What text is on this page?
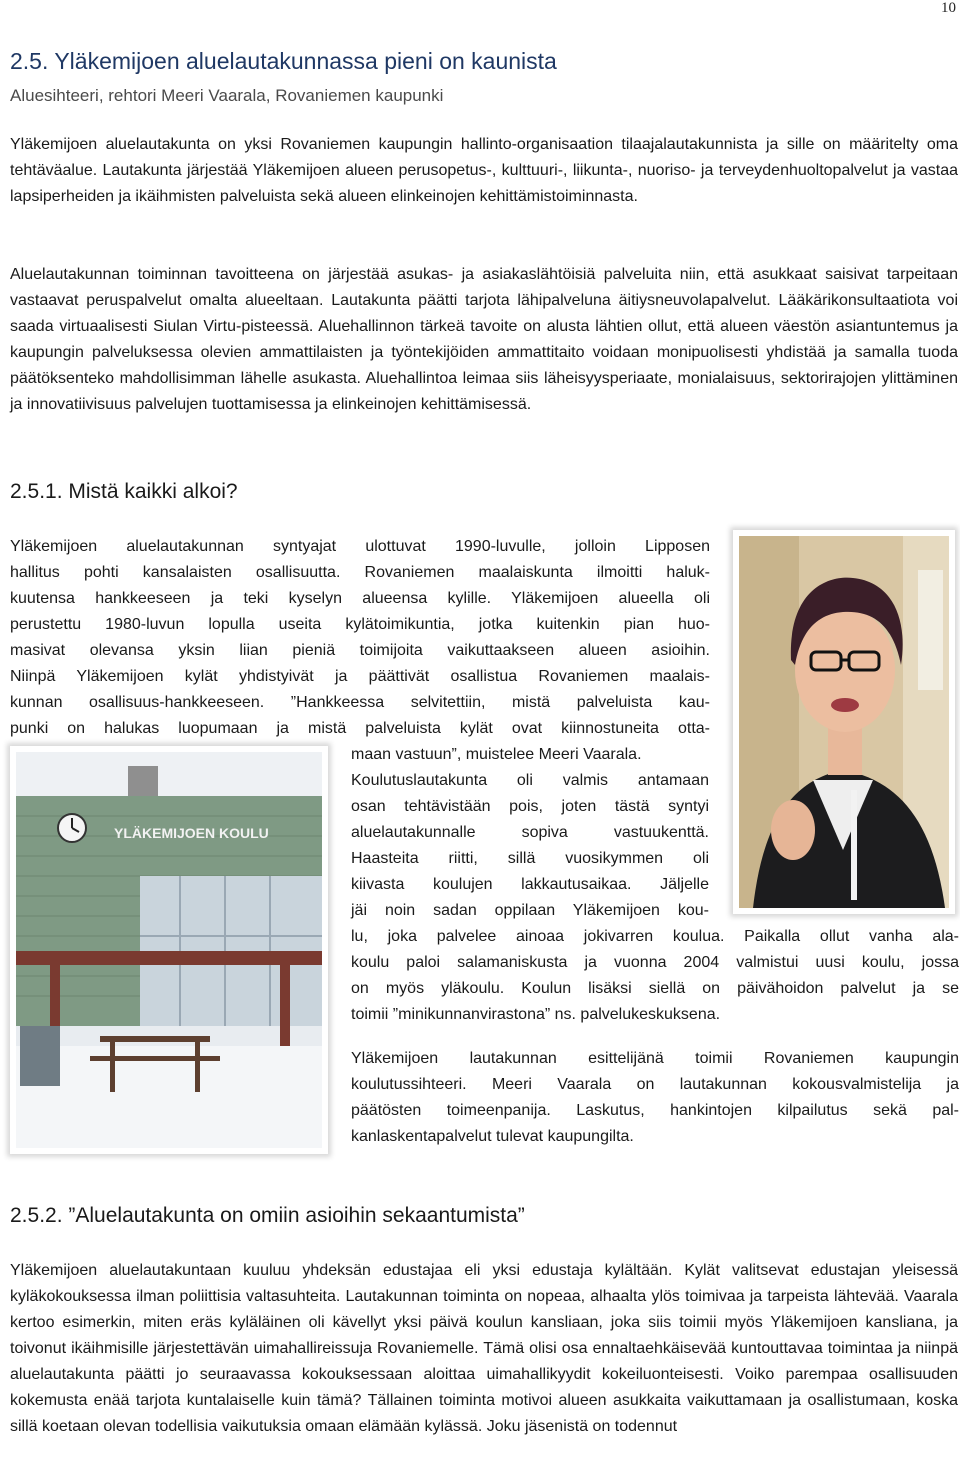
10
2.5. Yläkemijoen aluelautakunnassa pieni on kaunista
Aluesihteeri, rehtori Meeri Vaarala, Rovaniemen kaupunki

Yläkemijoen aluelautakunta on yksi Rovaniemen kaupungin hallinto-organisaation tilaajalautakunnista ja sille on määritelty oma tehtäväalue. Lautakunta järjestää Yläkemijoen alueen perusopetus-, kulttuuri-, liikunta-, nuoriso- ja terveydenhuoltopalvelut ja vastaa lapsiperheiden ja ikäihmisten palveluista sekä alueen elinkeinojen kehittämistoiminnasta.

Aluelautakunnan toiminnan tavoitteena on järjestää asukas- ja asiakaslähtöisiä palveluita niin, että asukkaat saisivat tarpeitaan vastaavat peruspalvelut omalta alueeltaan. Lautakunta päätti tarjota lähipalveluna äitiysneuvolapalvelut. Lääkärikonsultaatiota voi saada virtuaalisesti Siulan Virtu-pisteessä. Aluehallinnon tärkeä tavoite on alusta lähtien ollut, että alueen väestön asiantuntemus ja kaupungin palveluksessa olevien ammattilaisten ja työntekijöiden ammattitaito voidaan monipuolisesti yhdistää ja samalla tuoda päätöksenteko mahdollisimman lähelle asukasta. Aluehallintoa leimaa siis läheisyysperiaate, monialaisuus, sektorirajojen ylittäminen ja innovatiivisuus palvelujen tuottamisessa ja elinkeinojen kehittämisessä.

2.5.1. Mistä kaikki alkoi?
Yläkemijoen aluelautakunnan syntyajat ulottuvat 1990-luvulle, jolloin Lipposen
hallitus pohti kansalaisten osallisuutta. Rovaniemen maalaiskunta ilmoitti haluk-
kuutensa hankkeeseen ja teki kyselyn alueensa kylille. Yläkemijoen alueella oli
perustettu 1980-luvun lopulla useita kylätoimikuntia, jotka kuitenkin pian huo-
masivat olevansa yksin liian pieniä toimijoita vaikuttaakseen alueen asioihin.
Niinpä Yläkemijoen kylät yhdistyivät ja päättivät osallistua Rovaniemen maalais-
kunnan osallisuus-hankkeeseen. ”Hankkeessa selvitettiin, mistä palveluista kau-
punki on halukas luopumaan ja mistä palveluista kylät ovat kiinnostuneita otta-
maan vastuun”, muistelee Meeri Vaarala.
Koulutuslautakunta oli valmis antamaan
osan tehtävistään pois, joten tästä syntyi
aluelautakunnalle sopiva vastuukenttä.
Haasteita riitti, sillä vuosikymmen oli
kiivasta koulujen lakkautusaikaa. Jäljelle
jäi noin sadan oppilaan Yläkemijoen kou-
lu, joka palvelee ainoaa jokivarren koulua. Paikalla ollut vanha ala-
koulu paloi salamaniskusta ja vuonna 2004 valmistui uusi koulu, jossa
on myös yläkoulu. Koulun lisäksi siellä on päivähoidon palvelut ja se
toimii ”minikunnanvirastona” ns. palvelukeskuksena.
Yläkemijoen lautakunnan esittelijänä toimii Rovaniemen kaupungin
koulutussihteeri. Meeri Vaarala on lautakunnan kokousvalmistelija ja
päätösten toimeenpanija. Laskutus, hankintojen kilpailutus sekä pal-
kanlaskentapalvelut tulevat kaupungilta.
YLÄKEMIJOEN KOULU
2.5.2. ”Aluelautakunta on omiin asioihin sekaantumista”

Yläkemijoen aluelautakuntaan kuuluu yhdeksän edustajaa eli yksi edustaja kylältään. Kylät valitsevat edustajan yleisessä kyläkokouksessa ilman poliittisia valtasuhteita. Lautakunnan toiminta on nopeaa, alhaalta ylös toimivaa ja tarpeista lähtevää. Vaarala kertoo esimerkin, miten eräs kyläläinen oli kävellyt yksi päivä koulun kansliaan, joka siis toimii myös Yläkemijoen kansliana, ja toivonut ikäihmisille järjestettävän uimahallireissuja Rovaniemelle. Tämä olisi osa ennaltaehkäisevää kuntouttavaa toimintaa ja niinpä aluelautakunta päätti jo seuraavassa kokouksessaan aloittaa uimahallikyydit kokeiluonteisesti. Voiko parempaa osallisuuden kokemusta enää tarjota kuntalaiselle kuin tämä? Tällainen toiminta motivoi alueen asukkaita vaikuttamaan ja osallistumaan, koska sillä koetaan olevan todellisia vaikutuksia omaan elämään kylässä. Joku jäsenistä on todennut
